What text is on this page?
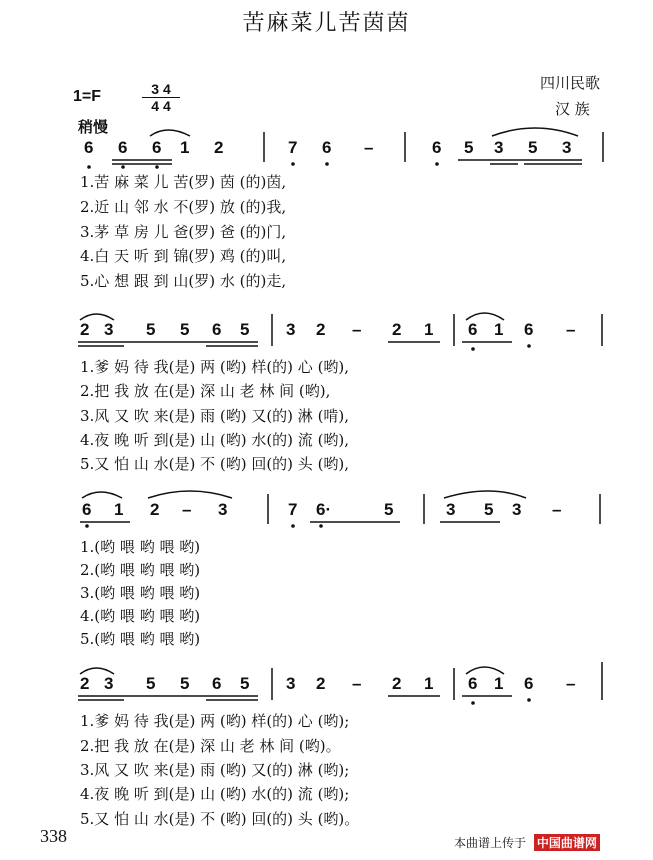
苦麻菜儿苦茵茵
四川民歌
汉 族
1=F	3 4
4 4
稍慢
6 6 6 1 2	7 6 –	6 5 3 5 3
1.苦 麻 菜 儿 苦(罗) 茵 (的)茵,
2.近 山 邻 水 不(罗) 放 (的)我,
3.茅 草 房 儿 爸(罗) 爸 (的)门,
4.白 天 听 到 锦(罗) 鸡 (的)叫,
5.心 想 跟 到 山(罗) 水 (的)走,
2 3 5 5 6 5 3 2 – 2 1 6 1 6 –
1.爹 妈 待 我(是) 两 (哟) 样(的) 心 (哟),
2.把 我 放 在(是) 深 山 老 林 间 (哟),
3.风 又 吹 来(是) 雨 (哟) 又(的) 淋 (啃),
4.夜 晚 听 到(是) 山 (哟) 水(的) 流 (哟),
5.又 怕 山 水(是) 不 (哟) 回(的) 头 (哟),
6 1 2 – 3	7 6·	5	3 5 3 –
1.(哟 喂 哟 喂 哟)
2.(哟 喂 哟 喂 哟)
3.(哟 喂 哟 喂 哟)
4.(哟 喂 哟 喂 哟)
5.(哟 喂 哟 喂 哟)
2 3 5 5 6 5 3 2 – 2 1 6 1 6 –
1.爹 妈 待 我(是) 两 (哟) 样(的) 心 (哟);
2.把 我 放 在(是) 深 山 老 林 间 (哟)。
3.风 又 吹 来(是) 雨 (哟) 又(的) 淋 (哟);
4.夜 晚 听 到(是) 山 (哟) 水(的) 流 (哟);
5.又 怕 山 水(是) 不 (哟) 回(的) 头 (哟)。
338	本曲谱上传于 中国曲谱网
